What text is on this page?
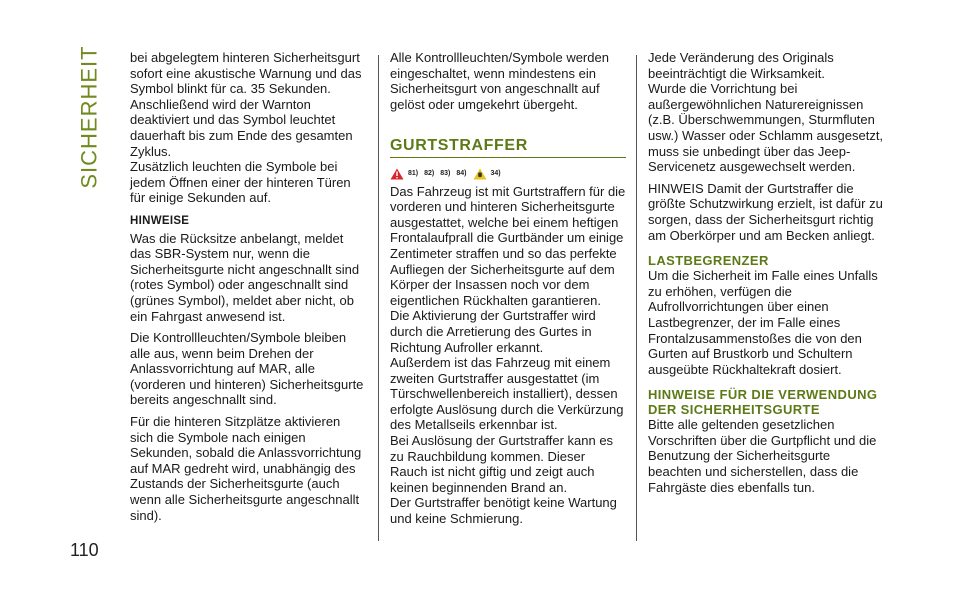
SICHERHEIT
110

bei abgelegtem hinteren Sicherheitsgurt sofort eine akustische Warnung und das Symbol blinkt für ca. 35 Sekunden. Anschließend wird der Warnton deaktiviert und das Symbol leuchtet dauerhaft bis zum Ende des gesamten Zyklus.

Zusätzlich leuchten die Symbole bei jedem Öffnen einer der hinteren Türen für einige Sekunden auf.

HINWEISE

Was die Rücksitze anbelangt, meldet das SBR-System nur, wenn die Sicherheitsgurte nicht angeschnallt sind (rotes Symbol) oder angeschnallt sind (grünes Symbol), meldet aber nicht, ob ein Fahrgast anwesend ist.

Die Kontrollleuchten/Symbole bleiben alle aus, wenn beim Drehen der Anlassvorrichtung auf MAR, alle (vorderen und hinteren) Sicherheitsgurte bereits angeschnallt sind.

Für die hinteren Sitzplätze aktivieren sich die Symbole nach einigen Sekunden, sobald die Anlassvorrichtung auf MAR gedreht wird, unabhängig des Zustands der Sicherheitsgurte (auch wenn alle Sicherheitsgurte angeschnallt sind).

Alle Kontrollleuchten/Symbole werden eingeschaltet, wenn mindestens ein Sicherheitsgurt von angeschnallt auf gelöst oder umgekehrt übergeht.

GURTSTRAFFER
81) 82) 83) 84)	34)

Das Fahrzeug ist mit Gurtstraffern für die vorderen und hinteren Sicherheitsgurte ausgestattet, welche bei einem heftigen Frontalaufprall die Gurtbänder um einige Zentimeter straffen und so das perfekte Aufliegen der Sicherheitsgurte auf dem Körper der Insassen noch vor dem eigentlichen Rückhalten garantieren.

Die Aktivierung der Gurtstraffer wird durch die Arretierung des Gurtes in Richtung Aufroller erkannt.

Außerdem ist das Fahrzeug mit einem zweiten Gurtstraffer ausgestattet (im Türschwellenbereich installiert), dessen erfolgte Auslösung durch die Verkürzung des Metallseils erkennbar ist.

Bei Auslösung der Gurtstraffer kann es zu Rauchbildung kommen. Dieser Rauch ist nicht giftig und zeigt auch keinen beginnenden Brand an.

Der Gurtstraffer benötigt keine Wartung und keine Schmierung.

Jede Veränderung des Originals beeinträchtigt die Wirksamkeit.

Wurde die Vorrichtung bei außergewöhnlichen Naturereignissen (z.B. Überschwemmungen, Sturmfluten usw.) Wasser oder Schlamm ausgesetzt, muss sie unbedingt über das Jeep-Servicenetz ausgewechselt werden.

HINWEIS Damit der Gurtstraffer die größte Schutzwirkung erzielt, ist dafür zu sorgen, dass der Sicherheitsgurt richtig am Oberkörper und am Becken anliegt.

LASTBEGRENZER

Um die Sicherheit im Falle eines Unfalls zu erhöhen, verfügen die Aufrollvorrichtungen über einen Lastbegrenzer, der im Falle eines Frontalzusammenstoßes die von den Gurten auf Brustkorb und Schultern ausgeübte Rückhaltekraft dosiert.

HINWEISE FÜR DIE VERWENDUNG DER SICHERHEITSGURTE

Bitte alle geltenden gesetzlichen Vorschriften über die Gurtpflicht und die Benutzung der Sicherheitsgurte beachten und sicherstellen, dass die Fahrgäste dies ebenfalls tun.
